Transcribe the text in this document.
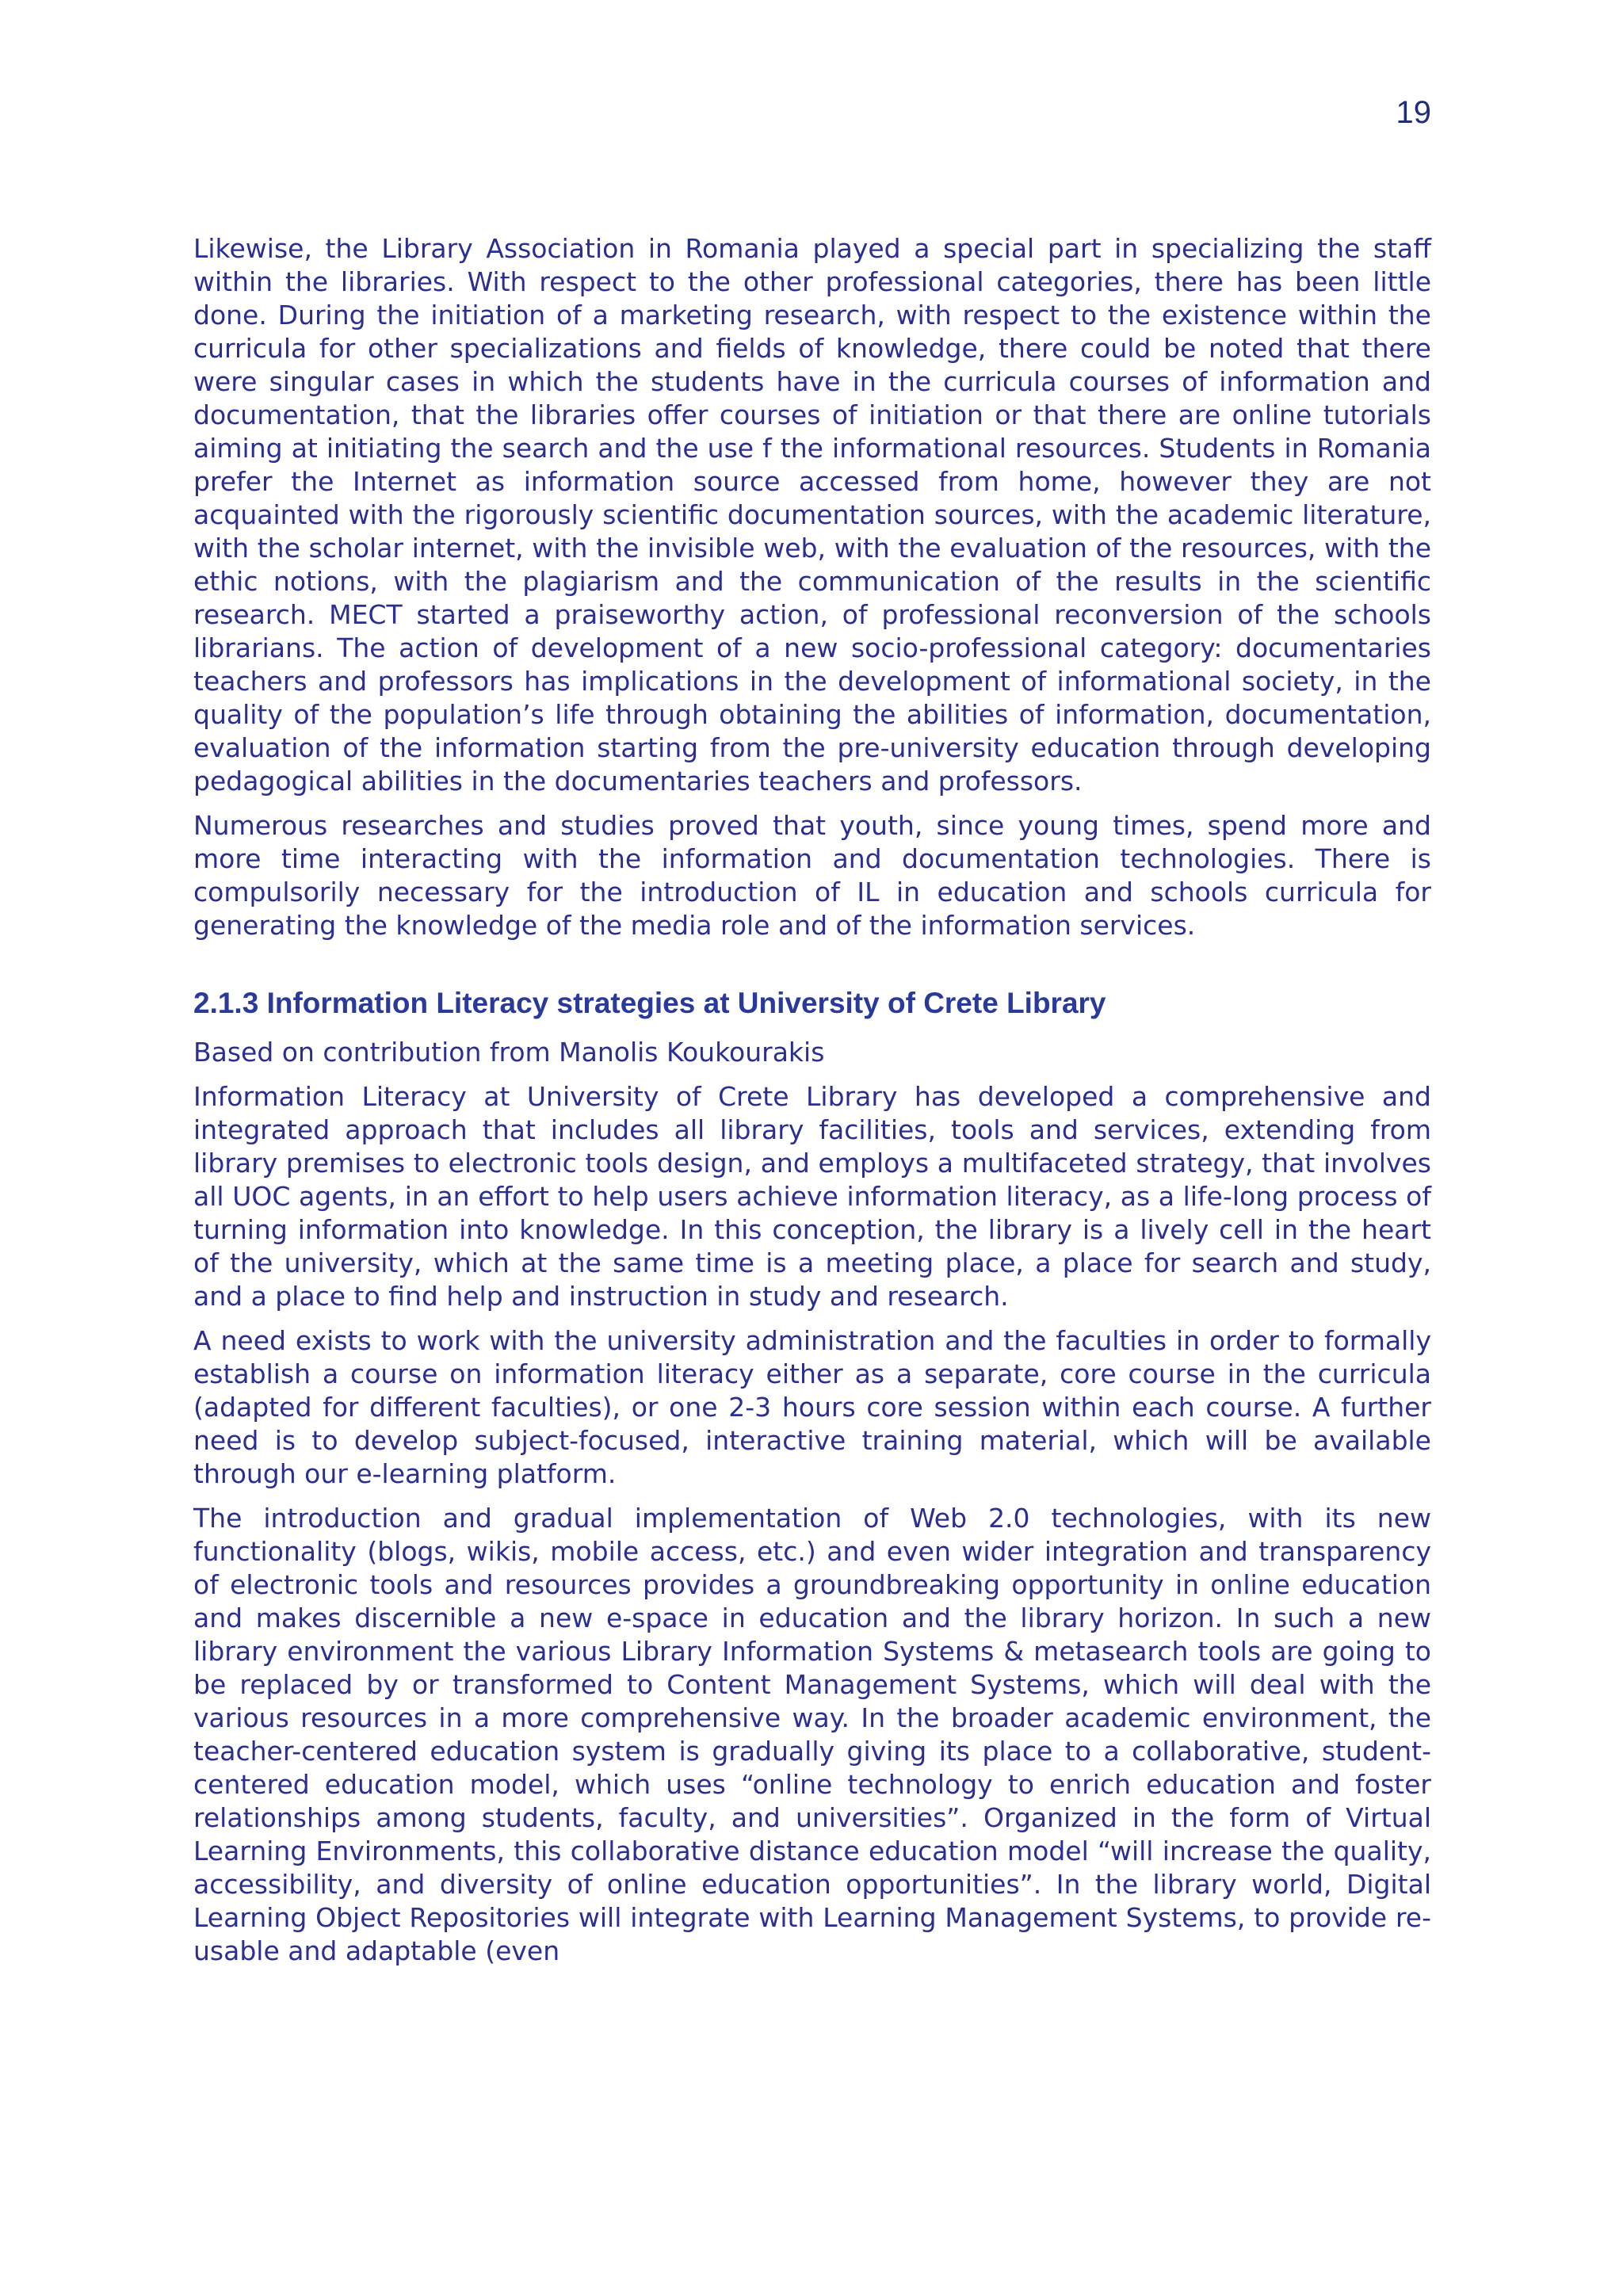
19

Likewise, the Library Association in Romania played a special part in specializing the staff within the libraries. With respect to the other professional categories, there has been little done. During the initiation of a marketing research, with respect to the existence within the curricula for other specializations and fields of knowledge, there could be noted that there were singular cases in which the students have in the curricula courses of information and documentation, that the libraries offer courses of initiation or that there are online tutorials aiming at initiating the search and the use f the informational resources. Students in Romania prefer the Internet as information source accessed from home, however they are not acquainted with the rigorously scientific documentation sources, with the academic literature, with the scholar internet, with the invisible web, with the evaluation of the resources, with the ethic notions, with the plagiarism and the communication of the results in the scientific research. MECT started a praiseworthy action, of professional reconversion of the schools librarians. The action of development of a new socio-professional category: documentaries teachers and professors has implications in the development of informational society, in the quality of the population’s life through obtaining the abilities of information, documentation, evaluation of the information starting from the pre-university education through developing pedagogical abilities in the documentaries teachers and professors.

Numerous researches and studies proved that youth, since young times, spend more and more time interacting with the information and documentation technologies. There is compulsorily necessary for the introduction of IL in education and schools curricula for generating the knowledge of the media role and of the information services.

2.1.3 Information Literacy strategies at University of Crete Library

Based on contribution from Manolis Koukourakis

Information Literacy at University of Crete Library has developed a comprehensive and integrated approach that includes all library facilities, tools and services, extending from library premises to electronic tools design, and employs a multifaceted strategy, that involves all UOC agents, in an effort to help users achieve information literacy, as a life-long process of turning information into knowledge. In this conception, the library is a lively cell in the heart of the university, which at the same time is a meeting place, a place for search and study, and a place to find help and instruction in study and research.

A need exists to work with the university administration and the faculties in order to formally establish a course on information literacy either as a separate, core course in the curricula (adapted for different faculties), or one 2-3 hours core session within each course. A further need is to develop subject-focused, interactive training material, which will be available through our e-learning platform.

The introduction and gradual implementation of Web 2.0 technologies, with its new functionality (blogs, wikis, mobile access, etc.) and even wider integration and transparency of electronic tools and resources provides a groundbreaking opportunity in online education and makes discernible a new e-space in education and the library horizon. In such a new library environment the various Library Information Systems & metasearch tools are going to be replaced by or transformed to Content Management Systems, which will deal with the various resources in a more comprehensive way. In the broader academic environment, the teacher-centered education system is gradually giving its place to a collaborative, student-centered education model, which uses “online technology to enrich education and foster relationships among students, faculty, and universities”. Organized in the form of Virtual Learning Environments, this collaborative distance education model “will increase the quality, accessibility, and diversity of online education opportunities”. In the library world, Digital Learning Object Repositories will integrate with Learning Management Systems, to provide re-usable and adaptable (even
